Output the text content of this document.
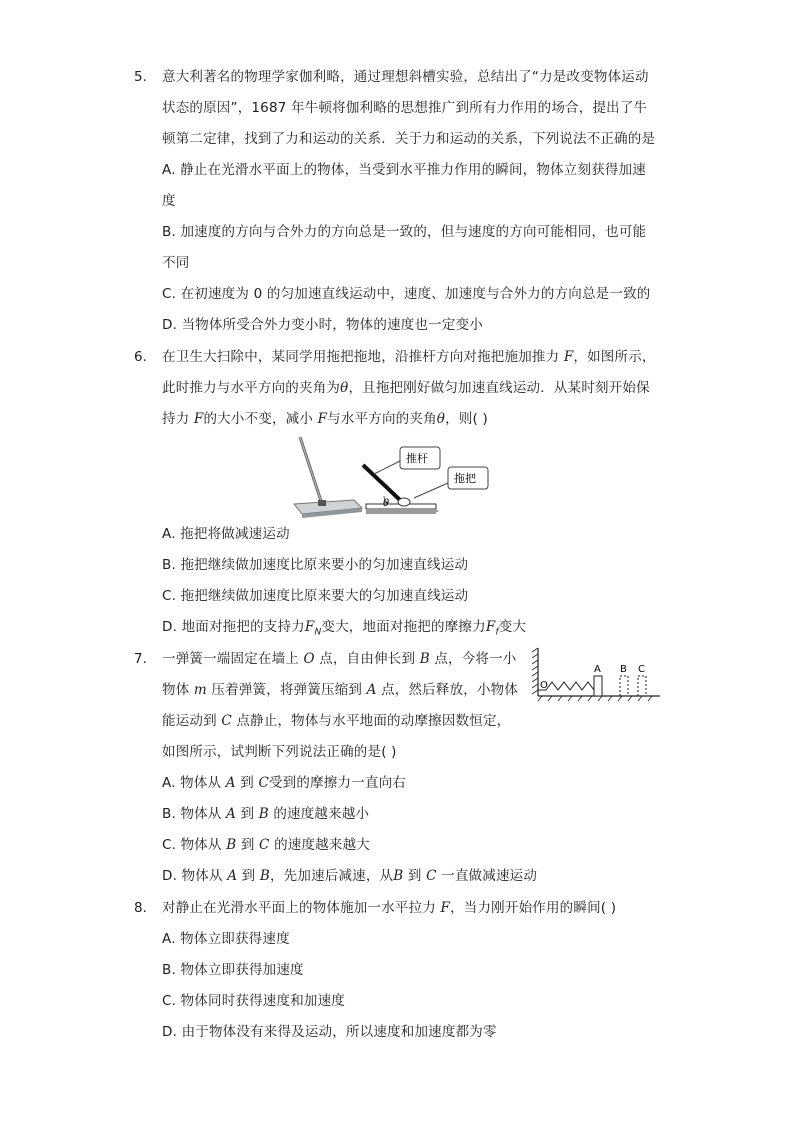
5. 意大利著名的物理学家伽利略，通过理想斜槽实验，总结出了“力是改变物体运动
状态的原因”，1687 年牛顿将伽利略的思想推广到所有力作用的场合，提出了牛
顿第二定律，找到了力和运动的关系．关于力和运动的关系，下列说法不正确的是
A. 静止在光滑水平面上的物体，当受到水平推力作用的瞬间，物体立刻获得加速
度
B. 加速度的方向与合外力的方向总是一致的，但与速度的方向可能相同，也可能
不同
C. 在初速度为 0 的匀加速直线运动中，速度、加速度与合外力的方向总是一致的
D. 当物体所受合外力变小时，物体的速度也一定变小
6. 在卫生大扫除中，某同学用拖把拖地，沿推杆方向对拖把施加推力 F，如图所示，
此时推力与水平方向的夹角为θ，且拖把刚好做匀加速直线运动．从某时刻开始保
持力 F的大小不变，减小 F与水平方向的夹角θ，则( )
θ
推杆
拖把
A. 拖把将做减速运动
B. 拖把继续做加速度比原来要小的匀加速直线运动
C. 拖把继续做加速度比原来要大的匀加速直线运动
D. 地面对拖把的支持力$F_N$变大，地面对拖把的摩擦力$F_f$变大
7. 一弹簧一端固定在墙上 O 点，自由伸长到 B 点，今将一小
物体 m 压着弹簧，将弹簧压缩到 A 点，然后释放，小物体
能运动到 C 点静止，物体与水平地面的动摩擦因数恒定，
如图所示，试判断下列说法正确的是( )
O
A B C
A. 物体从 A 到 C受到的摩擦力一直向右
B. 物体从 A 到 B 的速度越来越小
C. 物体从 B 到 C 的速度越来越大
D. 物体从 A 到 B，先加速后减速，从B 到 C 一直做减速运动
8. 对静止在光滑水平面上的物体施加一水平拉力 F，当力刚开始作用的瞬间( )
A. 物体立即获得速度
B. 物体立即获得加速度
C. 物体同时获得速度和加速度
D. 由于物体没有来得及运动，所以速度和加速度都为零
